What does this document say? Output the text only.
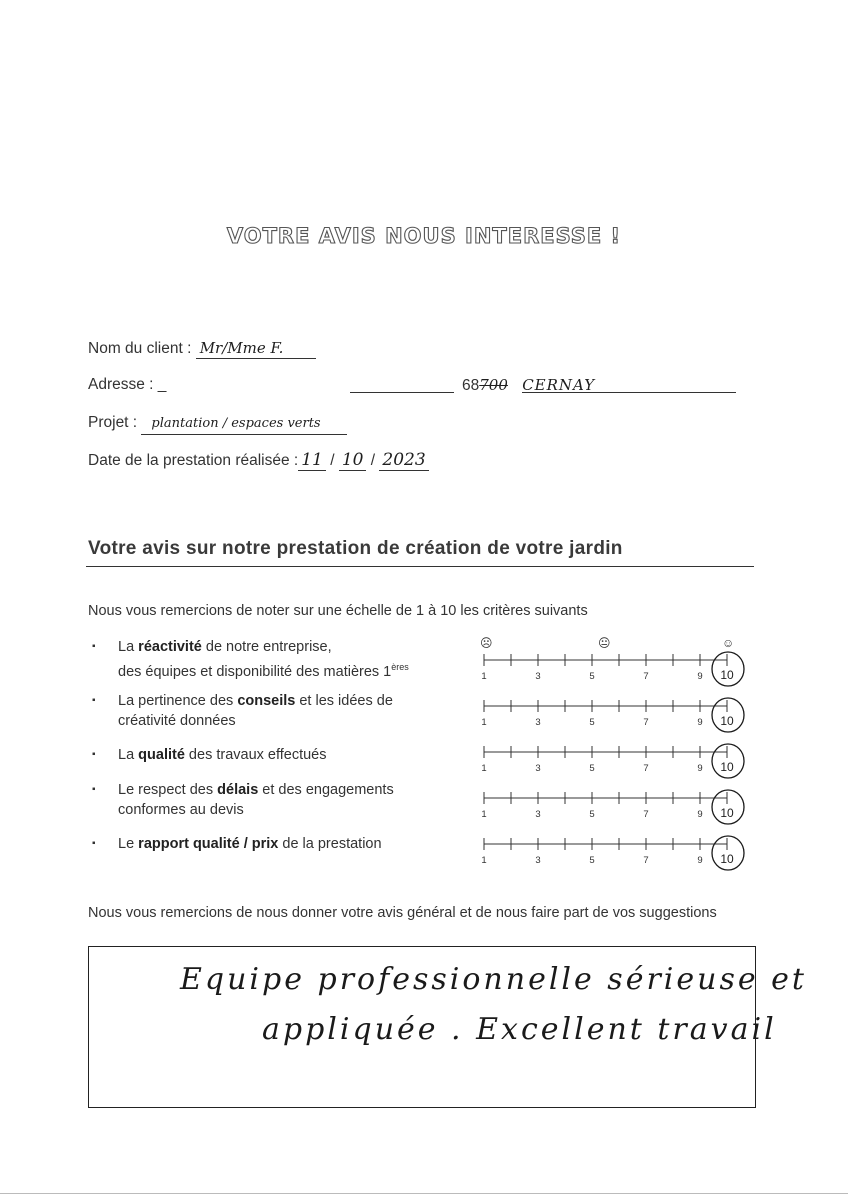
VOTRE AVIS NOUS INTERESSE !
Nom du client : Mr/Mme F.
Adresse : _	68700 CERNAY
Projet : plantation / espaces verts
Date de la prestation réalisée : 11 / 10 / 2023
Votre avis sur notre prestation de création de votre jardin
Nous vous remercions de noter sur une échelle de 1 à 10 les critères suivants
▪ La réactivité de notre entreprise,
des équipes et disponibilité des matières 1ères
▪ La pertinence des conseils et les idées de
créativité données
▪ La qualité des travaux effectués
▪ Le respect des délais et des engagements
conformes au devis
▪ Le rapport qualité / prix de la prestation
☹	😐	☺
1	3	5	7	9 10
1	3	5	7	9 10
1	3	5	7	9 10
1	3	5	7	9 10
1	3	5	7	9 10
Nous vous remercions de nous donner votre avis général et de nous faire part de vos suggestions
Equipe professionnelle sérieuse et
appliquée . Excellent travail
